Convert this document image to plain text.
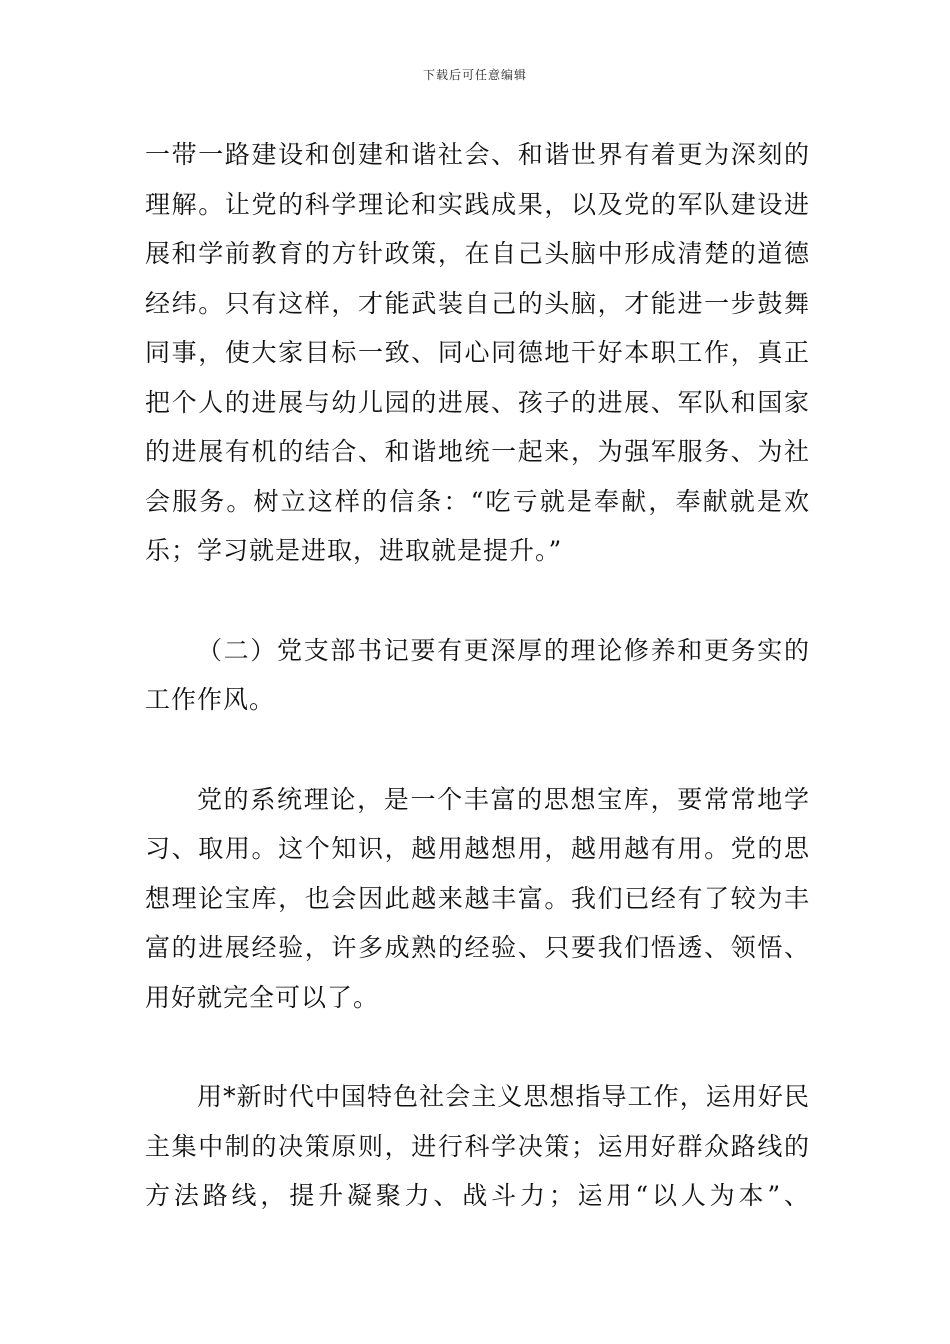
下载后可任意编辑
一带一路建设和创建和谐社会、和谐世界有着更为深刻的
理解。让党的科学理论和实践成果，以及党的军队建设进
展和学前教育的方针政策，在自己头脑中形成清楚的道德
经纬。只有这样，才能武装自己的头脑，才能进一步鼓舞
同事，使大家目标一致、同心同德地干好本职工作，真正
把个人的进展与幼儿园的进展、孩子的进展、军队和国家
的进展有机的结合、和谐地统一起来，为强军服务、为社
会服务。树立这样的信条：“吃亏就是奉献，奉献就是欢
乐；学习就是进取，进取就是提升。”
（二）党支部书记要有更深厚的理论修养和更务实的
工作作风。
党的系统理论，是一个丰富的思想宝库，要常常地学
习、取用。这个知识，越用越想用，越用越有用。党的思
想理论宝库，也会因此越来越丰富。我们已经有了较为丰
富的进展经验，许多成熟的经验、只要我们悟透、领悟、
用好就完全可以了。
用*新时代中国特色社会主义思想指导工作，运用好民
主集中制的决策原则，进行科学决策；运用好群众路线的
方法路线，提升凝聚力、战斗力；运用“以人为本”、
